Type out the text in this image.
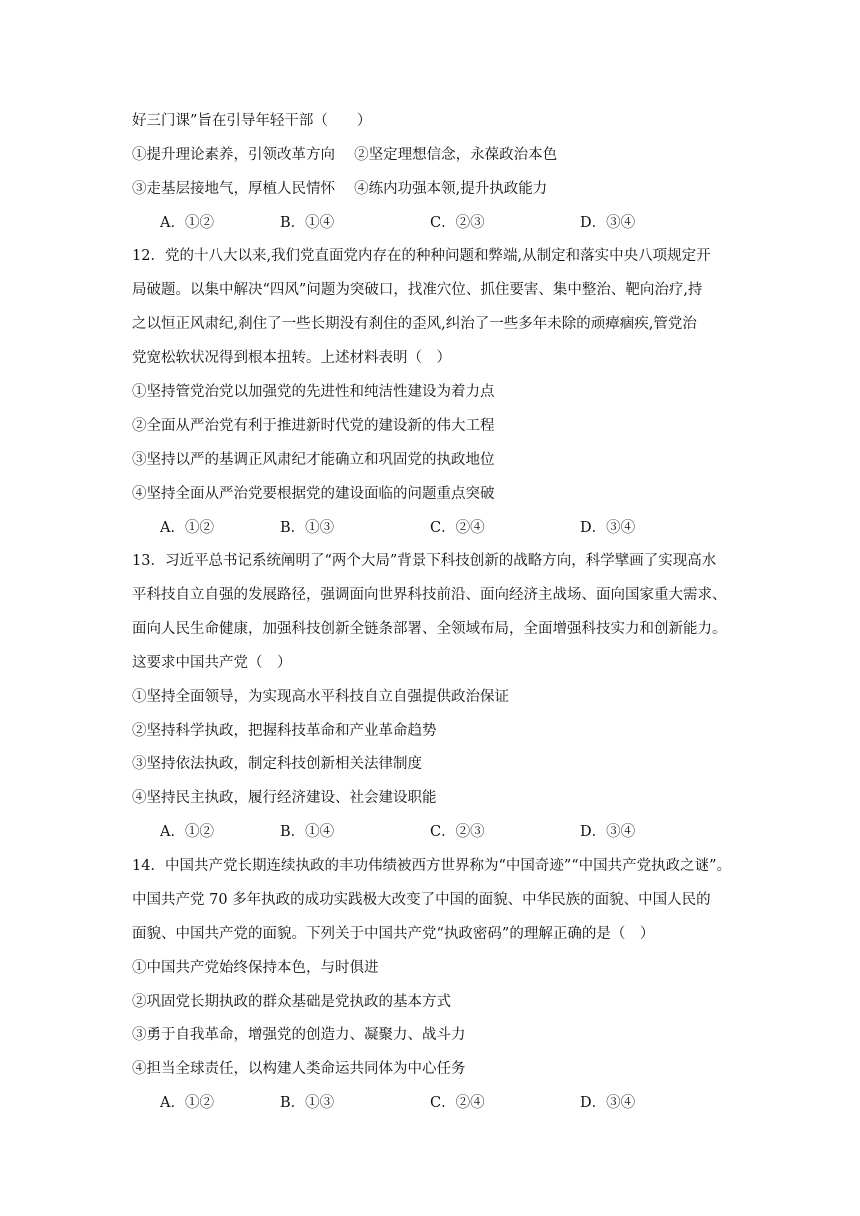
好三门课”旨在引导年轻干部（　　）
①提升理论素养，引领改革方向　 ②坚定理想信念，永葆政治本色
③走基层接地气，厚植人民情怀　 ④练内功强本领,提升执政能力
A．①②	B．①④	C．②③	D．③④
12．党的十八大以来,我们党直面党内存在的种种问题和弊端,从制定和落实中央八项规定开
局破题。以集中解决“四风”问题为突破口，找准穴位、抓住要害、集中整治、靶向治疗,持
之以恒正风肃纪,刹住了一些长期没有刹住的歪风,纠治了一些多年未除的顽瘴痼疾,管党治
党宽松软状况得到根本扭转。上述材料表明（　）
①坚持管党治党以加强党的先进性和纯洁性建设为着力点
②全面从严治党有利于推进新时代党的建设新的伟大工程
③坚持以严的基调正风肃纪才能确立和巩固党的执政地位
④坚持全面从严治党要根据党的建设面临的问题重点突破
A．①②	B．①③	C．②④	D．③④
13．习近平总书记系统阐明了“两个大局”背景下科技创新的战略方向，科学擘画了实现高水
平科技自立自强的发展路径，强调面向世界科技前沿、面向经济主战场、面向国家重大需求、
面向人民生命健康，加强科技创新全链条部署、全领域布局，全面增强科技实力和创新能力。
这要求中国共产党（　）
①坚持全面领导，为实现高水平科技自立自强提供政治保证
②坚持科学执政，把握科技革命和产业革命趋势
③坚持依法执政，制定科技创新相关法律制度
④坚持民主执政，履行经济建设、社会建设职能
A．①②	B．①④	C．②③	D．③④
14．中国共产党长期连续执政的丰功伟绩被西方世界称为“中国奇迹”“中国共产党执政之谜”。
中国共产党 70 多年执政的成功实践极大改变了中国的面貌、中华民族的面貌、中国人民的
面貌、中国共产党的面貌。下列关于中国共产党“执政密码”的理解正确的是（　）
①中国共产党始终保持本色，与时俱进
②巩固党长期执政的群众基础是党执政的基本方式
③勇于自我革命，增强党的创造力、凝聚力、战斗力
④担当全球责任，以构建人类命运共同体为中心任务
A．①②	B．①③	C．②④	D．③④
